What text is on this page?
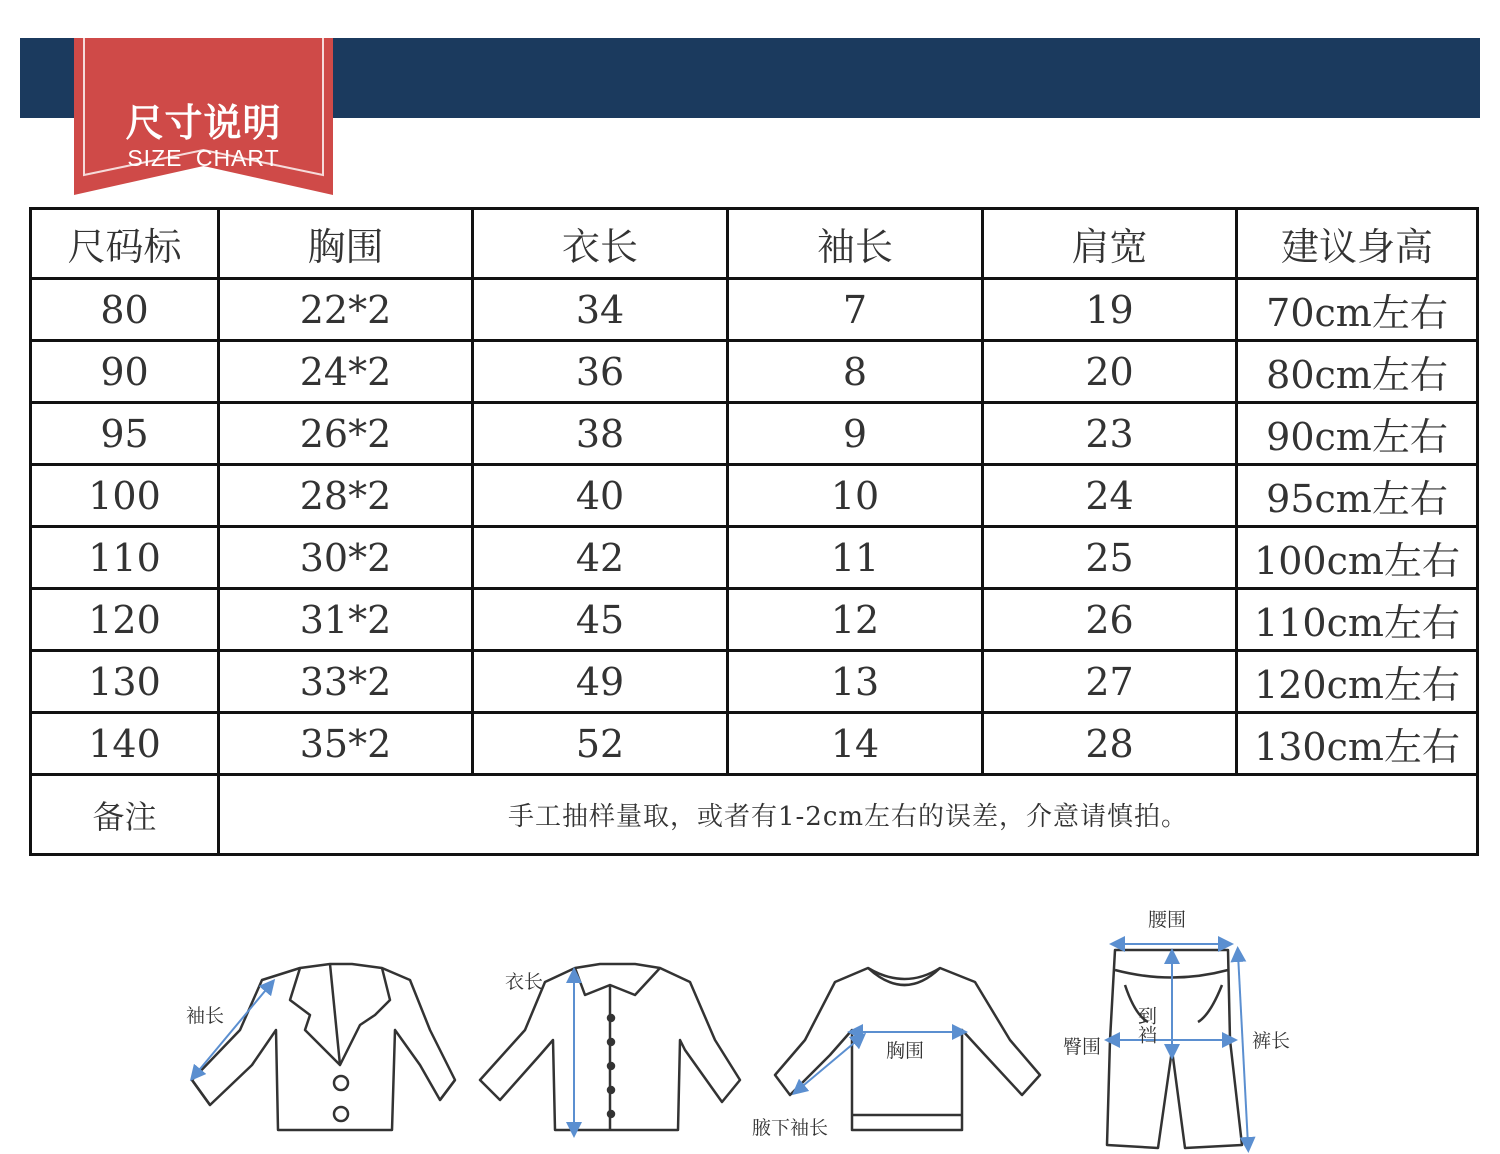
尺寸说明
SIZE CHART
尺码标	胸围	衣长	袖长	肩宽	建议身高
80	22*2	34	7	19	70cm左右
90	24*2	36	8	20	80cm左右
95	26*2	38	9	23	90cm左右
100	28*2	40	10	24	95cm左右
110	30*2	42	11	25	100cm左右
120	31*2	45	12	26	110cm左右
130	33*2	49	13	27	120cm左右
140	35*2	52	14	28	130cm左右
备注	手工抽样量取，或者有1-2cm左右的误差，介意请慎拍。				
袖长
衣长
胸围
腋下袖长
腰围
到裆
臀围	裤长
